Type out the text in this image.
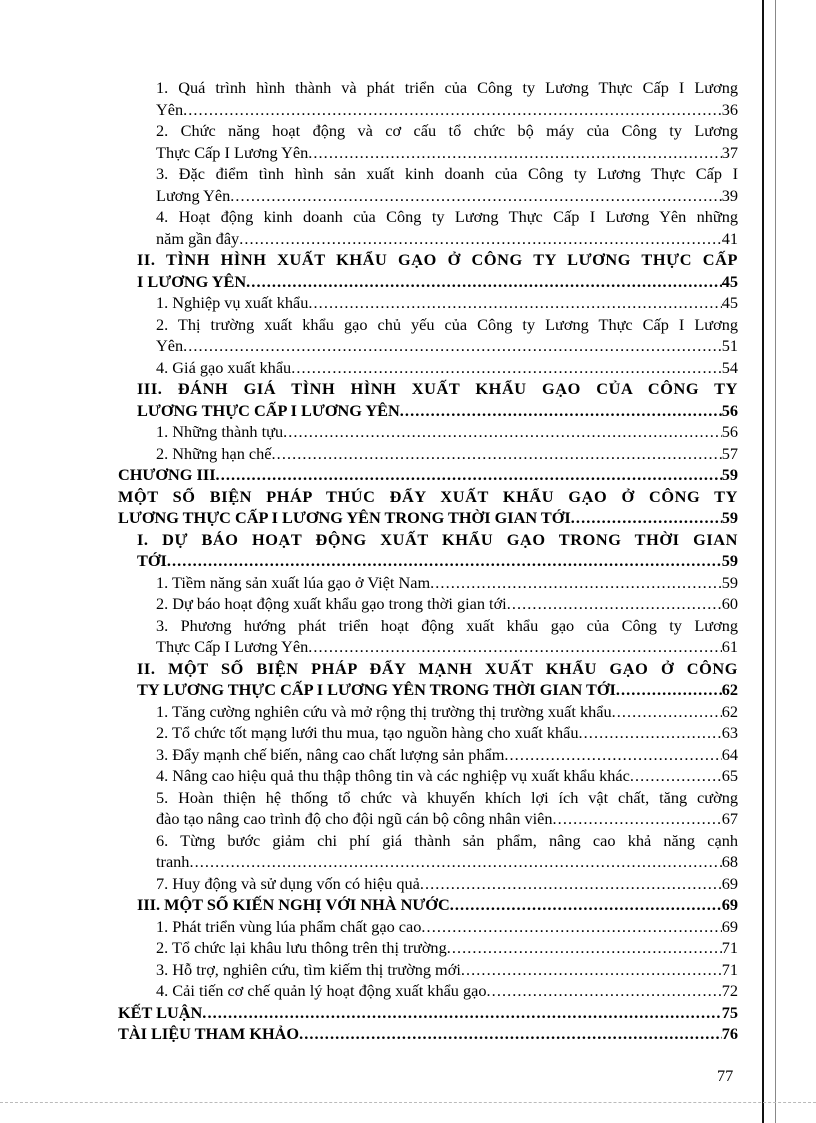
1. Quá trình hình thành và phát triển của Công ty Lương Thực Cấp I Lương
Yên . . .	36
2. Chức năng hoạt động và cơ cấu tổ chức bộ máy của Công ty Lương
Thực Cấp I Lương Yên . . .	37
3. Đặc điểm tình hình sản xuất kinh doanh của Công ty Lương Thực Cấp I
Lương Yên . . .	39
4. Hoạt động kinh doanh của Công ty Lương Thực Cấp I Lương Yên những
năm gần đây . . .	41
II. TÌNH HÌNH XUẤT KHẨU GẠO Ở CÔNG TY LƯƠNG THỰC CẤP
I LƯƠNG YÊN . . .	45
1. Nghiệp vụ xuất khẩu . . .	45
2. Thị trường xuất khẩu gạo chủ yếu của Công ty Lương Thực Cấp I Lương
Yên . . .	51
4. Giá gạo xuất khẩu . . .	54
III. ĐÁNH GIÁ TÌNH HÌNH XUẤT KHẨU GẠO CỦA CÔNG TY
LƯƠNG THỰC CẤP I LƯƠNG YÊN . . .	56
1. Những thành tựu . . .	56
2. Những hạn chế . . .	57
CHƯƠNG III . . .	59
MỘT SỐ BIỆN PHÁP THÚC ĐẨY XUẤT KHẨU GẠO Ở CÔNG TY
LƯƠNG THỰC CẤP I LƯƠNG YÊN TRONG THỜI GIAN TỚI . . .	59
I. DỰ BÁO HOẠT ĐỘNG XUẤT KHẨU GẠO TRONG THỜI GIAN
TỚI . . .	59
1. Tiềm năng sản xuất lúa gạo ở Việt Nam . . .	59
2. Dự báo hoạt động xuất khẩu gạo trong thời gian tới . . .	60
3. Phương hướng phát triển hoạt động xuất khẩu gạo của Công ty Lương
Thực Cấp I Lương Yên . . .	61
II. MỘT SỐ BIỆN PHÁP ĐẨY MẠNH XUẤT KHẨU GẠO Ở CÔNG
TY LƯƠNG THỰC CẤP I LƯƠNG YÊN TRONG THỜI GIAN TỚI . . .	62
1. Tăng cường nghiên cứu và mở rộng thị trường thị trường xuất khẩu . . .	62
2. Tổ chức tốt mạng lưới thu mua, tạo nguồn hàng cho xuất khẩu . . .	63
3. Đẩy mạnh chế biến, nâng cao chất lượng sản phẩm . . .	64
4. Nâng cao hiệu quả thu thập thông tin và các nghiệp vụ xuất khẩu khác . . .	65
5. Hoàn thiện hệ thống tổ chức và khuyến khích lợi ích vật chất, tăng cường
đào tạo nâng cao trình độ cho đội ngũ cán bộ công nhân viên . . .	67
6. Từng bước giảm chi phí giá thành sản phẩm, nâng cao khả năng cạnh
tranh . . .	68
7. Huy động và sử dụng vốn có hiệu quả . . .	69
III. MỘT SỐ KIẾN NGHỊ VỚI NHÀ NƯỚC . . .	69
1. Phát triển vùng lúa phẩm chất gạo cao . . .	69
2. Tổ chức lại khâu lưu thông trên thị trường . . .	71
3. Hỗ trợ, nghiên cứu, tìm kiếm thị trường mới . . .	71
4. Cải tiến cơ chế quản lý hoạt động xuất khẩu gạo . . .	72
KẾT LUẬN . . .	75
TÀI LIỆU THAM KHẢO . . .	76
77
